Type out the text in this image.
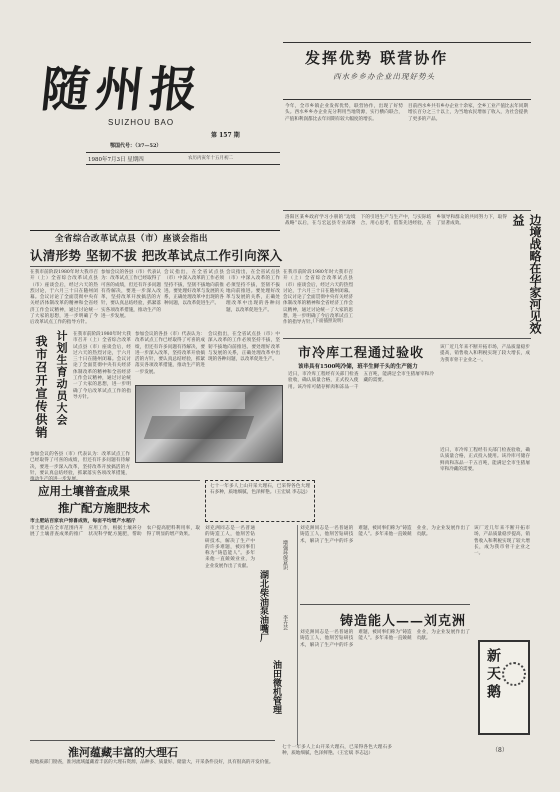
随 州 报
SUIZHOU BAO
第 157 期
鄂国代号：（37—52）
1980年7月3日 星期四	农历丙寅年十五月初二
发挥优势 联营协作
西水乡乡办企业出现好势头
今年，全市乡镇企业发挥优势，联营协作，出现了好势头。西水乡乡办企业充分利用当地资源，实行横向联合，产值和利润都比去年同期有较大幅度的增长。
目前西水乡共有乡办企业十余家，全乡工业产值比去年同期增长百分之三十以上，为当地农民增加了收入，为社会提供了更多的产品。
全省综合改革试点县（市）座谈会指出
认清形势 坚韧不拔 把改革试点工作引向深入
在我市前阶段1980年时大我市召开（上）全省综合改革试点县（市）座谈会后，经过六天的热烈讨论，于六月三十日在随州闭幕。会议讨论了全面贯彻中央有关经济体制改革的精神和全省经济工作会议精神，通过讨论统一了大家的思想，进一步明确了今后改革试点工作的指导方针。
参加会议的各县（市）代表认为：改革试点工作已经取得了可喜的成绩，但还有许多问题有待解决，要进一步深入改革，坚持改革开放搞活的方针，要认真总结经验，抓紧落实各项改革措施，推动生产的进一步发展。
会议指出，在全省试点县（市）中深入改革的工作必须坚持不拔，坚韧不拔地向前推进。要处理好改革与发展的关系，正确处理改革中出现的各种问题，以改革促进生产。
会议指出，在全省试点县（市）中深入改革的工作必须坚持不拔，坚韧不拔地向前推进。要处理好改革与发展的关系，正确处理改革中出现的各种问题，以改革促进生产。
我市召开宣传供销 计划生育动员大会 在我市前阶段1980年时大我市召开（上）全省综合改革试点县（市）座谈会后，经过六天的热烈讨论，于六月三十日在随州闭幕。会议讨论了全面贯彻中央有关经济体制改革的精神和全省经济工作会议精神，通过讨论统一了大家的思想，进一步明确了今后改革试点工作的指导方针。
参加会议的各县（市）代表认为：改革试点工作已经取得了可喜的成绩，但还有许多问题有待解决，要进一步深入改革，坚持改革开放搞活的方针，要认真总结经验，抓紧落实各项改革措施，
参加会议的各县（市）代表认为：改革试点工作已经取得了可喜的成绩，但还有许多问题有待解决，要进一步深入改革，坚持改革开放搞活的方针，要认真总结经验，抓紧落实各项改革措施，推动生产的进一步发展。
会议指出，在全省试点县（市）中深入改革的工作必须坚持不拔，坚韧不拔地向前推进。要处理好改革与发展的关系，正确处理改革中出现的各种问题，以改革促进生产。
在我市前阶段1980年时大我市召开（上）全省综合改革试点县（市）座谈会后，经过六天的热烈讨论，于六月三十日在随州闭幕。会议讨论了全面贯彻中央有关经济体制改革的精神和全省经济工作会议精神，通过讨论统一了大家的思想，进一步明确了今后改革试点工作的指导方针。
（下面插照说明）
洛阳区某乡政府学习小册的“边境战略”以后，在与宏远县专业部署下的引进生产与生产中，与实际结合，用心思考，借鉴先进经验，在乡领导和群众的共同努力下，取得了显著成效。	边境战略在华家河见效益
市冷库工程通过验收
该串具有1500吨冷储，班半生鲜千头的生产能力
近日，市冷库工程经有关部门检查验收，确认质量合格，正式投入使用。该冷库可储存鲜肉和冻品一千五百吨，能满足全市生猪屠宰和冷藏的需要。
该厂近几年来不断开拓市场，产品质量稳步提高，销售收入和利税实现了较大增长，成为我市骨干企业之一。
近日，市冷库工程经有关部门检查验收，确认质量合格，正式投入使用。该冷库可储存鲜肉和冻品一千五百吨，能满足全市生猪屠宰和冷藏的需要。
应用土壤普查成果
推广配方施肥技术
市土肥站百家农户惊喜成效，每亩平均增产水稻斤
市土肥站在全市范围内开展了土壤普查成果的推广应用工作，根据土壤养分状况科学配方施肥，帮助农户提高肥料利用率，取得了明显的增产效果。
七十一年多人上山开采大理石，已采得各色大理石多种，质地细腻，色泽鲜艳。（王宏斌 李志远）
湖北柴油泵油嘴厂
油田微机管理
增强环保意识
李卉芸
刘克洲同志是一名普通的铸造工人，他刻苦钻研技术，解决了生产中的许多难题，被同事们称为“铸造能人”。多年来他一直兢兢业业，为企业发展作出了贡献。
刘克洲同志是一名普通的铸造工人，他刻苦钻研技术，解决了生产中的许多难题，被同事们称为“铸造能人”。多年来他一直兢兢业业，为企业发展作出了贡献。
铸造能人——刘克洲
刘克洲同志是一名普通的铸造工人，他刻苦钻研技术，解决了生产中的许多难题，被同事们称为“铸造能人”。多年来他一直兢兢业业，为企业发展作出了贡献。
该厂近几年来不断开拓市场，产品质量稳步提高，销售收入和利税实现了较大增长，成为我市骨干企业之一。
新天鹅
淮河蕴藏丰富的大理石
据地质部门勘查，淮河流域蕴藏着丰富的大理石资源，品种多、质量好、储量大，开采条件良好，具有很高的开发价值。
七十一年多人上山开采大理石，已采得各色大理石多种，质地细腻，色泽鲜艳。（王宏斌 李志远）	（8）
